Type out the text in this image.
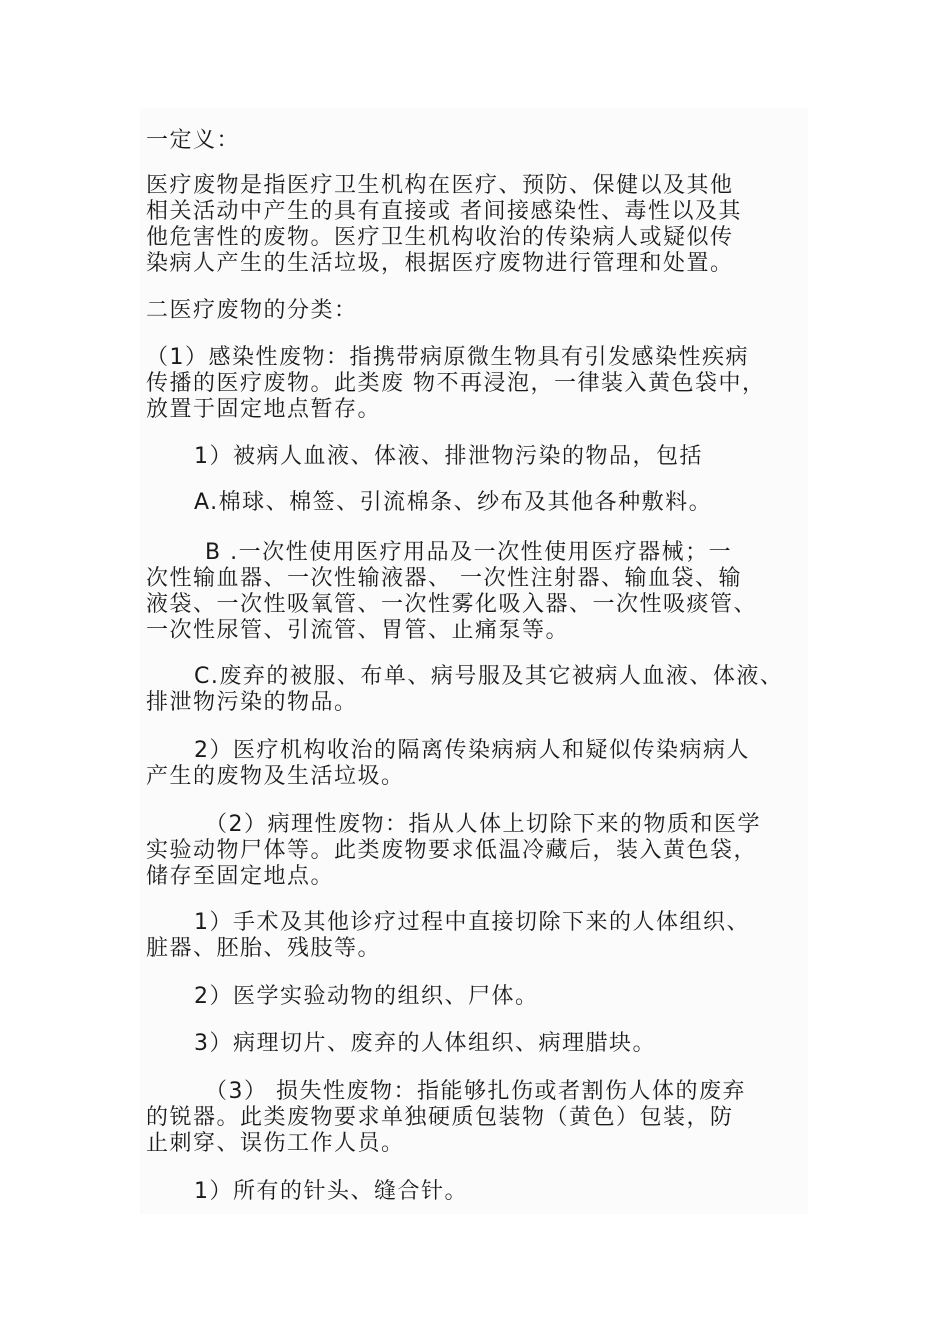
一定义：
医疗废物是指医疗卫生机构在医疗、预防、保健以及其他
相关活动中产生的具有直接或 者间接感染性、毒性以及其
他危害性的废物。医疗卫生机构收治的传染病人或疑似传
染病人产生的生活垃圾，根据医疗废物进行管理和处置。
二医疗废物的分类：
（1）感染性废物：指携带病原微生物具有引发感染性疾病
传播的医疗废物。此类废 物不再浸泡，一律装入黄色袋中，
放置于固定地点暂存。
1）被病人血液、体液、排泄物污染的物品，包括
A.棉球、棉签、引流棉条、纱布及其他各种敷料。
B .一次性使用医疗用品及一次性使用医疗器械；一
次性输血器、一次性输液器、 一次性注射器、输血袋、输
液袋、一次性吸氧管、一次性雾化吸入器、一次性吸痰管、
一次性尿管、引流管、胃管、止痛泵等。
C.废弃的被服、布单、病号服及其它被病人血液、体液、
排泄物污染的物品。
2）医疗机构收治的隔离传染病病人和疑似传染病病人
产生的废物及生活垃圾。
（2）病理性废物：指从人体上切除下来的物质和医学
实验动物尸体等。此类废物要求低温冷藏后，装入黄色袋，
储存至固定地点。
1）手术及其他诊疗过程中直接切除下来的人体组织、
脏器、胚胎、残肢等。
2）医学实验动物的组织、尸体。
3）病理切片、废弃的人体组织、病理腊块。
（3） 损失性废物：指能够扎伤或者割伤人体的废弃
的锐器。此类废物要求单独硬质包装物（黄色）包装，防
止刺穿、误伤工作人员。
1）所有的针头、缝合针。
